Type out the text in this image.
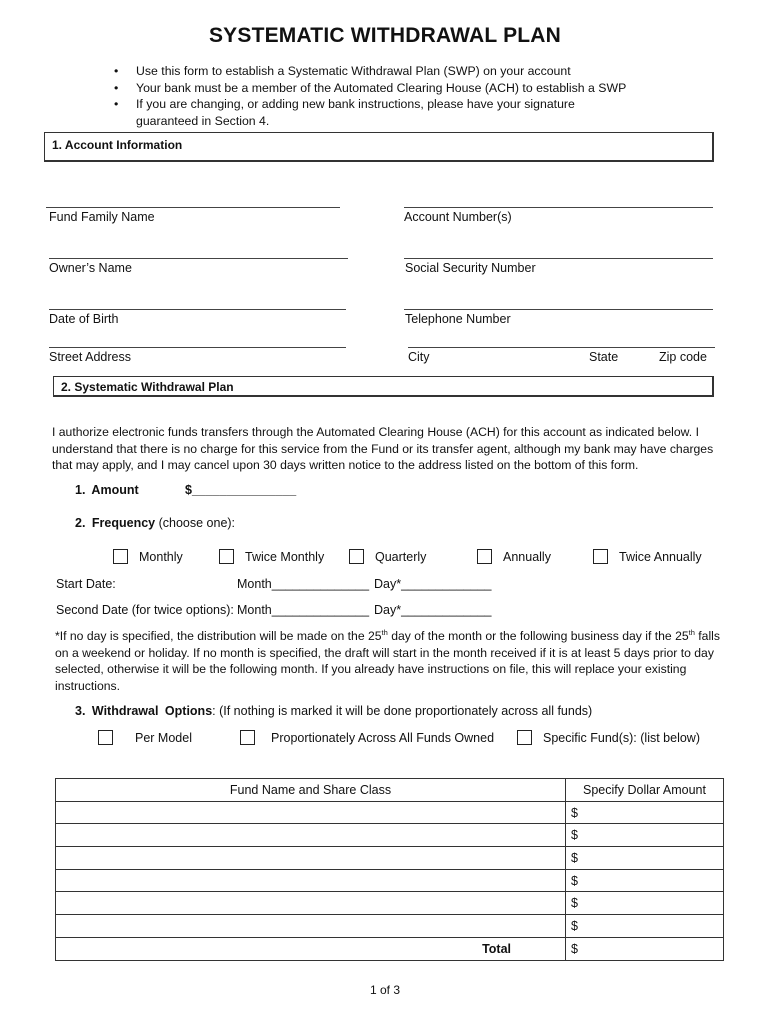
SYSTEMATIC WITHDRAWAL PLAN
• Use this form to establish a Systematic Withdrawal Plan (SWP) on your account
• Your bank must be a member of the Automated Clearing House (ACH) to establish a SWP
• If you are changing, or adding new bank instructions, please have your signature guaranteed in Section 4.
1. Account Information
Fund Family Name	Account Number(s)
Owner’s Name	Social Security Number
Date of Birth	Telephone Number
Street Address	City	State	Zip code
2. Systematic Withdrawal Plan
I authorize electronic funds transfers through the Automated Clearing House (ACH) for this account as indicated below. I understand that there is no charge for this service from the Fund or its transfer agent, although my bank may have charges that may apply, and I may cancel upon 30 days written notice to the address listed on the bottom of this form.
1. Amount	$_______________
2. Frequency (choose one):
Monthly	Twice Monthly	Quarterly	Annually	Twice Annually
Start Date:	Month______________ Day*_____________
Second Date (for twice options): Month______________ Day*_____________
*If no day is specified, the distribution will be made on the 25th day of the month or the following business day if the 25th falls on a weekend or holiday. If no month is specified, the draft will start in the month received if it is at least 5 days prior to day selected, otherwise it will be the following month. If you already have instructions on file, this will replace your existing instructions.
3. Withdrawal Options: (If nothing is marked it will be done proportionately across all funds)
Per Model	Proportionately Across All Funds Owned	Specific Fund(s): (list below)
Fund Name and Share Class	Specify Dollar Amount
	$
	$
	$
	$
	$
	$
Total	$
1 of 3
